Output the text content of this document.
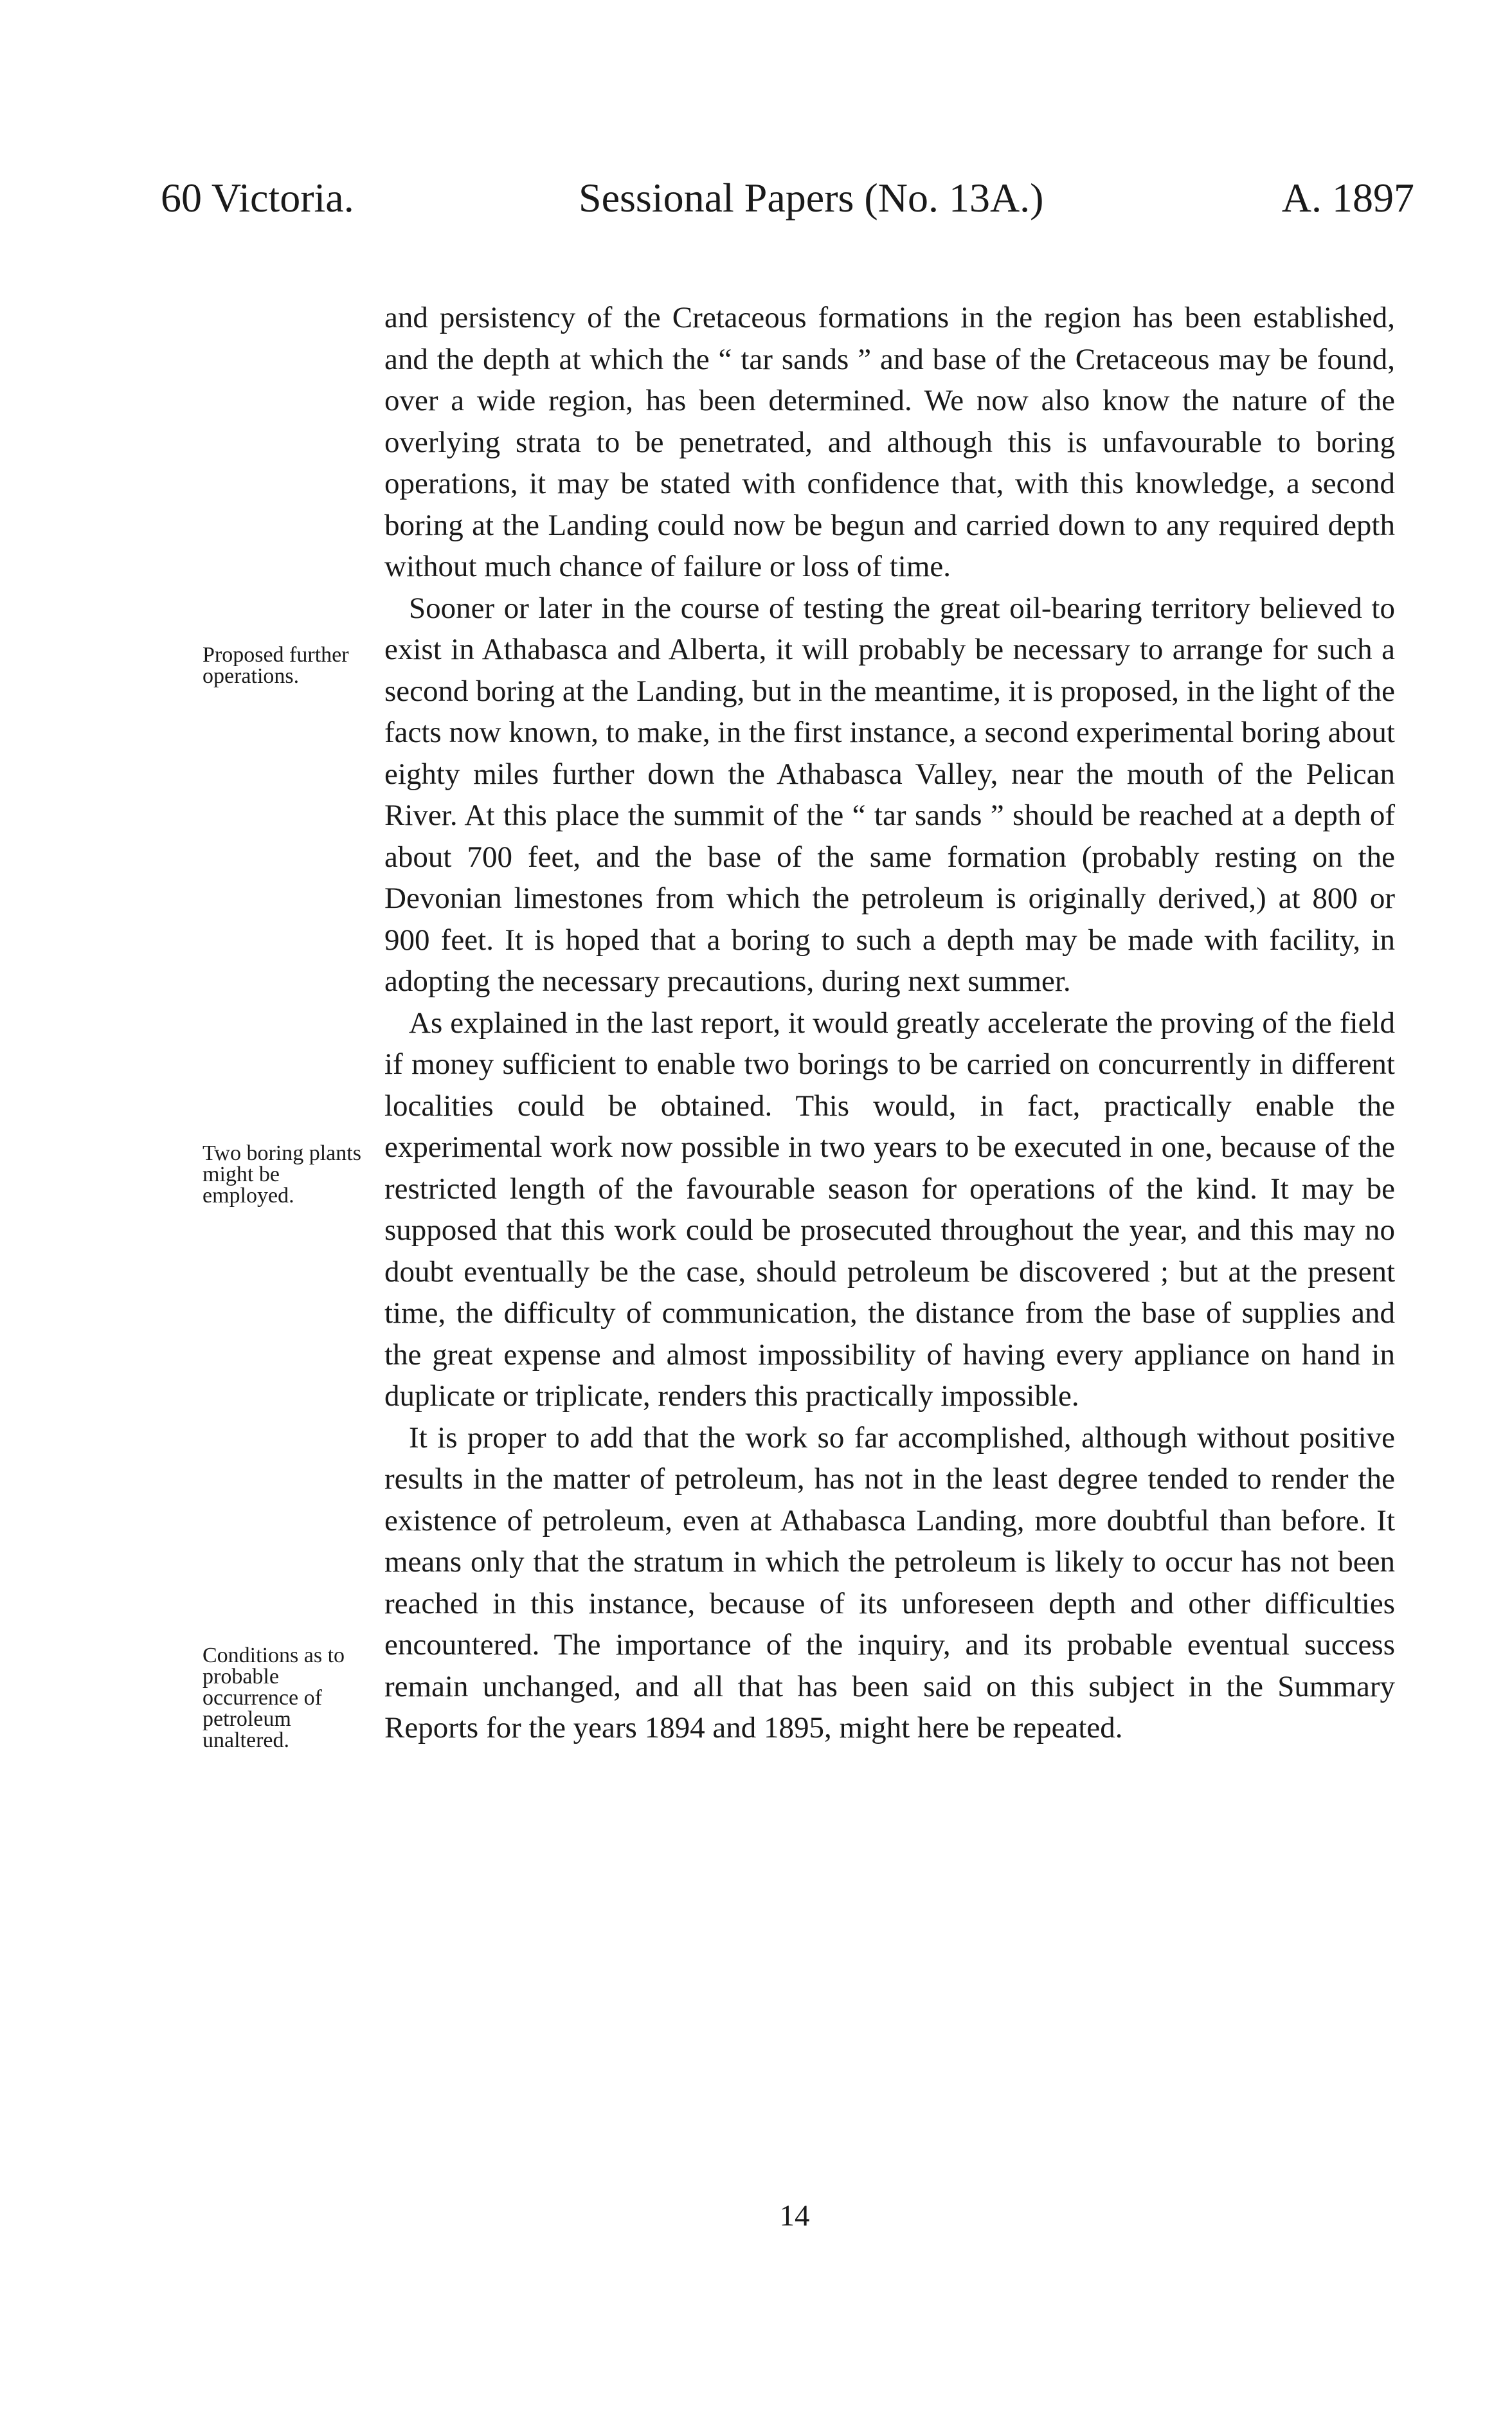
60 Victoria.	Sessional Papers (No. 13A.)	A. 1897
Proposed further operations.
Two boring plants might be employed.
Conditions as to probable occurrence of petroleum unaltered.

and persistency of the Cretaceous formations in the region has been established, and the depth at which the “ tar sands ” and base of the Cretaceous may be found, over a wide region, has been determined. We now also know the nature of the overlying strata to be penetrated, and although this is unfavourable to boring operations, it may be stated with confidence that, with this knowledge, a second boring at the Landing could now be begun and carried down to any required depth without much chance of failure or loss of time.

Sooner or later in the course of testing the great oil-bearing territory believed to exist in Athabasca and Alberta, it will probably be necessary to arrange for such a second boring at the Landing, but in the meantime, it is proposed, in the light of the facts now known, to make, in the first instance, a second experimental boring about eighty miles further down the Athabasca Valley, near the mouth of the Pelican River. At this place the summit of the “ tar sands ” should be reached at a depth of about 700 feet, and the base of the same formation (probably resting on the Devonian limestones from which the petroleum is originally derived,) at 800 or 900 feet. It is hoped that a boring to such a depth may be made with facility, in adopting the necessary precautions, during next summer.

As explained in the last report, it would greatly accelerate the proving of the field if money sufficient to enable two borings to be carried on concurrently in different localities could be obtained. This would, in fact, practically enable the experimental work now possible in two years to be executed in one, because of the restricted length of the favourable season for operations of the kind. It may be supposed that this work could be prosecuted throughout the year, and this may no doubt eventually be the case, should petroleum be discovered ; but at the present time, the difficulty of communication, the distance from the base of supplies and the great expense and almost impossibility of having every appliance on hand in duplicate or triplicate, renders this practically impossible.

It is proper to add that the work so far accomplished, although without positive results in the matter of petroleum, has not in the least degree tended to render the existence of petroleum, even at Athabasca Landing, more doubtful than before. It means only that the stratum in which the petroleum is likely to occur has not been reached in this instance, because of its unforeseen depth and other difficulties encountered. The importance of the inquiry, and its probable eventual success remain unchanged, and all that has been said on this subject in the Summary Reports for the years 1894 and 1895, might here be repeated.

14
